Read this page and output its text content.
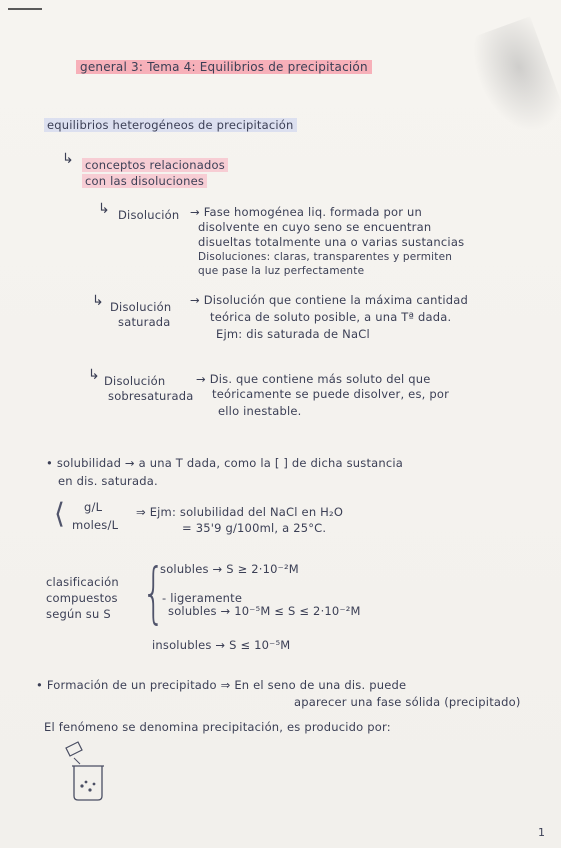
general 3: Tema 4: Equilibrios de precipitación
equilibrios heterogéneos de precipitación
↳ conceptos relacionados
con las disoluciones
↳ Disolución → Fase homogénea liq. formada por un
disolvente en cuyo seno se encuentran
disueltas totalmente una o varias sustancias
Disoluciones: claras, transparentes y permiten
que pase la luz perfectamente
↳ Disolución
saturada
→ Disolución que contiene la máxima cantidad
teórica de soluto posible, a una Tª dada.
Ejm: dis saturada de NaCl
↳ Disolución
sobresaturada
→ Dis. que contiene más soluto del que
teóricamente se puede disolver, es, por
ello inestable.
• solubilidad → a una T dada, como la [ ] de dicha sustancia
en dis. saturada.
⟨ g/L
moles/L
⇒ Ejm: solubilidad del NaCl en H₂O
= 35'9 g/100ml, a 25°C.
clasificación
compuestos
según su S {
solubles → S ≥ 2·10⁻²M
- ligeramente
solubles → 10⁻⁵M ≤ S ≤ 2·10⁻²M
insolubles → S ≤ 10⁻⁵M
• Formación de un precipitado ⇒ En el seno de una dis. puede
aparecer una fase sólida (precipitado)
El fenómeno se denomina precipitación, es producido por:
1
